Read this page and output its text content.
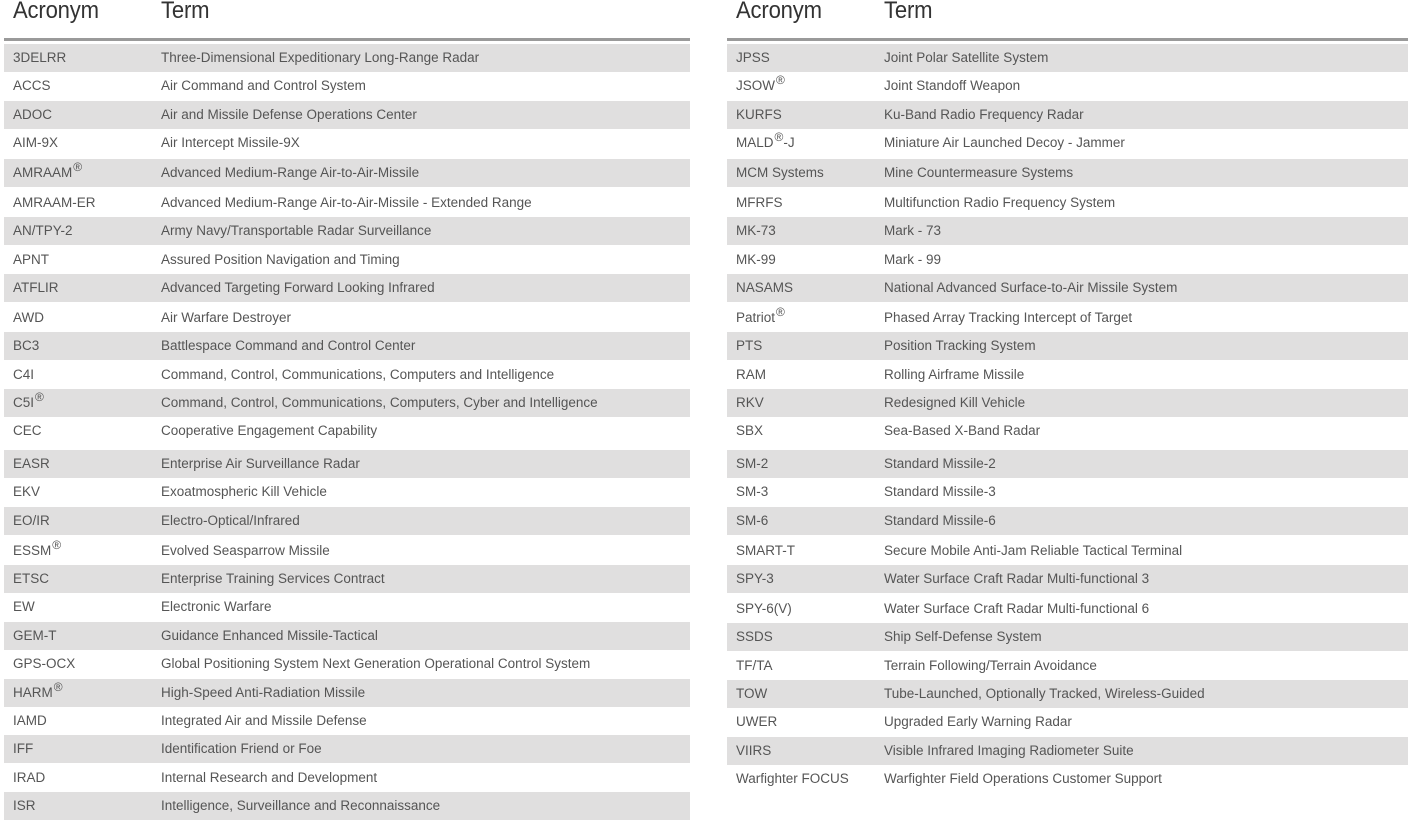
Acronym	Term
3DELRR	Three-Dimensional Expeditionary Long-Range Radar
ACCS	Air Command and Control System
ADOC	Air and Missile Defense Operations Center
AIM-9X	Air Intercept Missile-9X
AMRAAM®	Advanced Medium-Range Air-to-Air-Missile
AMRAAM-ER	Advanced Medium-Range Air-to-Air-Missile - Extended Range
AN/TPY-2	Army Navy/Transportable Radar Surveillance
APNT	Assured Position Navigation and Timing
ATFLIR	Advanced Targeting Forward Looking Infrared
AWD	Air Warfare Destroyer
BC3	Battlespace Command and Control Center
C4I	Command, Control, Communications, Computers and Intelligence
C5I®	Command, Control, Communications, Computers, Cyber and Intelligence
CEC	Cooperative Engagement Capability
EASR	Enterprise Air Surveillance Radar
EKV	Exoatmospheric Kill Vehicle
EO/IR	Electro-Optical/Infrared
ESSM®	Evolved Seasparrow Missile
ETSC	Enterprise Training Services Contract
EW	Electronic Warfare
GEM-T	Guidance Enhanced Missile-Tactical
GPS-OCX	Global Positioning System Next Generation Operational Control System
HARM®	High-Speed Anti-Radiation Missile
IAMD	Integrated Air and Missile Defense
IFF	Identification Friend or Foe
IRAD	Internal Research and Development
ISR	Intelligence, Surveillance and Reconnaissance
Acronym	Term
JPSS	Joint Polar Satellite System
JSOW®	Joint Standoff Weapon
KURFS	Ku-Band Radio Frequency Radar
MALD®-J	Miniature Air Launched Decoy - Jammer
MCM Systems	Mine Countermeasure Systems
MFRFS	Multifunction Radio Frequency System
MK-73	Mark - 73
MK-99	Mark - 99
NASAMS	National Advanced Surface-to-Air Missile System
Patriot®	Phased Array Tracking Intercept of Target
PTS	Position Tracking System
RAM	Rolling Airframe Missile
RKV	Redesigned Kill Vehicle
SBX	Sea-Based X-Band Radar
SM-2	Standard Missile-2
SM-3	Standard Missile-3
SM-6	Standard Missile-6
SMART-T	Secure Mobile Anti-Jam Reliable Tactical Terminal
SPY-3	Water Surface Craft Radar Multi-functional 3
SPY-6(V)	Water Surface Craft Radar Multi-functional 6
SSDS	Ship Self-Defense System
TF/TA	Terrain Following/Terrain Avoidance
TOW	Tube-Launched, Optionally Tracked, Wireless-Guided
UWER	Upgraded Early Warning Radar
VIIRS	Visible Infrared Imaging Radiometer Suite
Warfighter FOCUS	Warfighter Field Operations Customer Support
